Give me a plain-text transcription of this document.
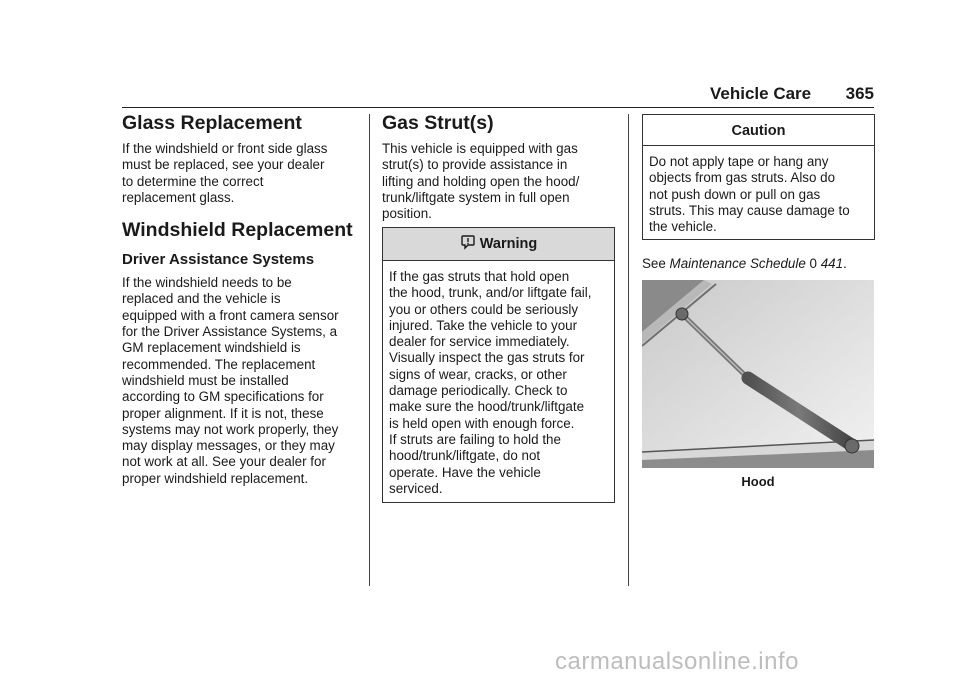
Vehicle Care 365
Glass Replacement

If the windshield or front side glass

must be replaced, see your dealer

to determine the correct

replacement glass.

Windshield Replacement
Driver Assistance Systems

If the windshield needs to be

replaced and the vehicle is

equipped with a front camera sensor

for the Driver Assistance Systems, a

GM replacement windshield is

recommended. The replacement

windshield must be installed

according to GM specifications for

proper alignment. If it is not, these

systems may not work properly, they

may display messages, or they may

not work at all. See your dealer for

proper windshield replacement.

Gas Strut(s)

This vehicle is equipped with gas

strut(s) to provide assistance in

lifting and holding open the hood/

trunk/liftgate system in full open

position.

Warning

If the gas struts that hold open

the hood, trunk, and/or liftgate fail,

you or others could be seriously

injured. Take the vehicle to your

dealer for service immediately.

Visually inspect the gas struts for

signs of wear, cracks, or other

damage periodically. Check to

make sure the hood/trunk/liftgate

is held open with enough force.

If struts are failing to hold the

hood/trunk/liftgate, do not

operate. Have the vehicle

serviced.

Caution

Do not apply tape or hang any

objects from gas struts. Also do

not push down or pull on gas

struts. This may cause damage to

the vehicle.

See Maintenance Schedule 0 441.
Hood
carmanualsonline.info
